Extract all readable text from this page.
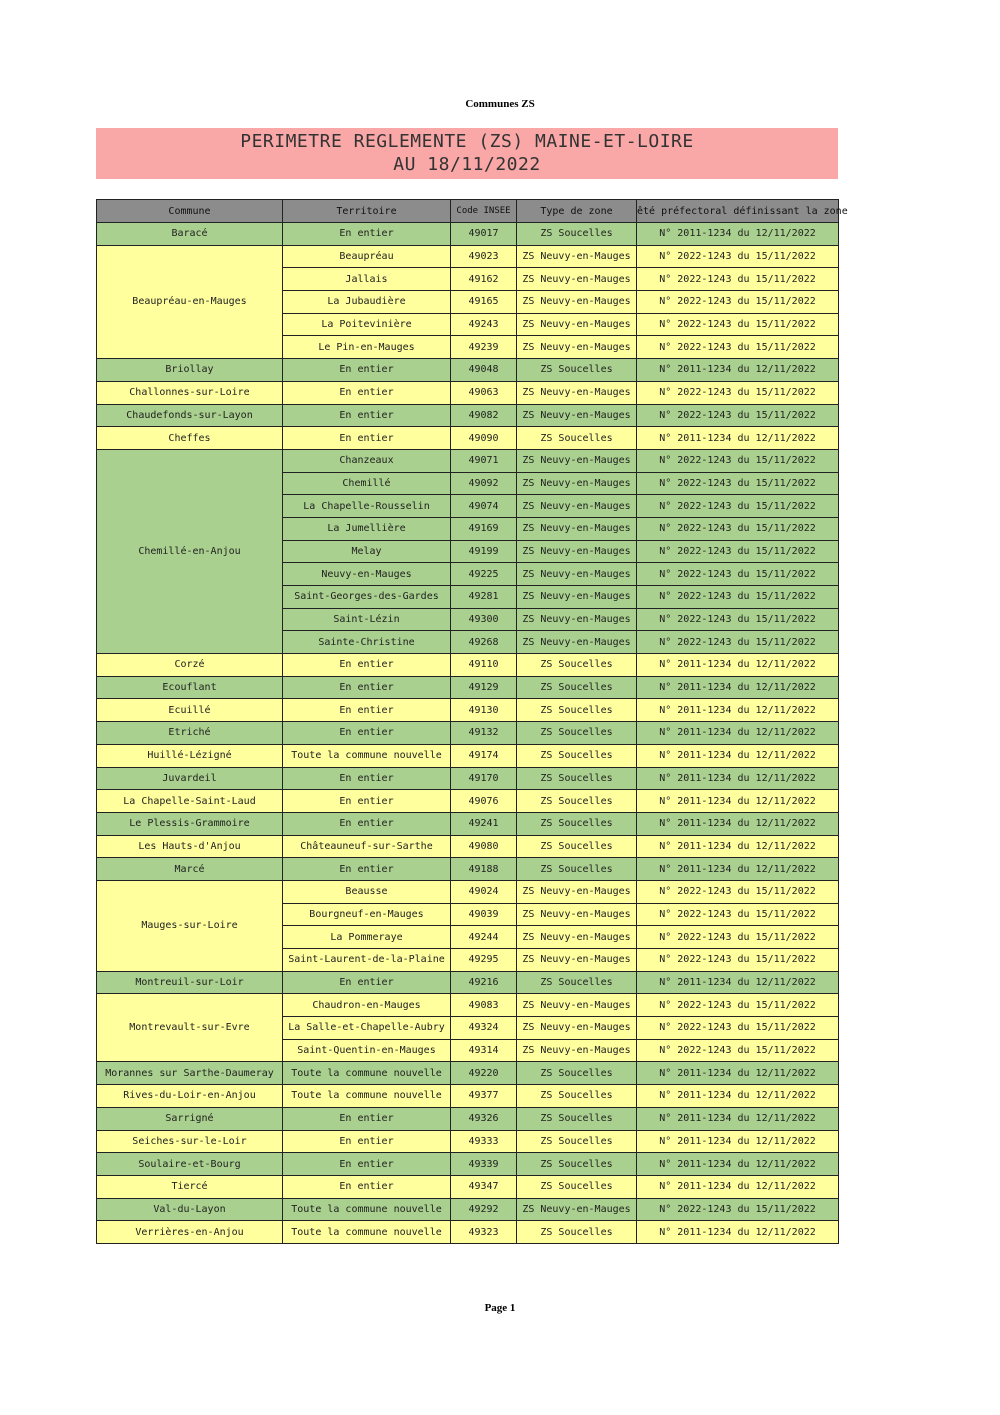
Communes ZS
PERIMETRE REGLEMENTE (ZS) MAINE-ET-LOIRE
AU 18/11/2022
Commune	Territoire	Code INSEE	Type de zone	êté préfectoral définissant la zone
Baracé	En entier	49017	ZS Soucelles	N° 2011-1234 du 12/11/2022
Beaupréau-en-Mauges	Beaupréau	49023	ZS Neuvy-en-Mauges	N° 2022-1243 du 15/11/2022
	Jallais	49162	ZS Neuvy-en-Mauges	N° 2022-1243 du 15/11/2022
	La Jubaudière	49165	ZS Neuvy-en-Mauges	N° 2022-1243 du 15/11/2022
	La Poitevinière	49243	ZS Neuvy-en-Mauges	N° 2022-1243 du 15/11/2022
	Le Pin-en-Mauges	49239	ZS Neuvy-en-Mauges	N° 2022-1243 du 15/11/2022
Briollay	En entier	49048	ZS Soucelles	N° 2011-1234 du 12/11/2022
Challonnes-sur-Loire	En entier	49063	ZS Neuvy-en-Mauges	N° 2022-1243 du 15/11/2022
Chaudefonds-sur-Layon	En entier	49082	ZS Neuvy-en-Mauges	N° 2022-1243 du 15/11/2022
Cheffes	En entier	49090	ZS Soucelles	N° 2011-1234 du 12/11/2022
Chemillé-en-Anjou	Chanzeaux	49071	ZS Neuvy-en-Mauges	N° 2022-1243 du 15/11/2022
	Chemillé	49092	ZS Neuvy-en-Mauges	N° 2022-1243 du 15/11/2022
	La Chapelle-Rousselin	49074	ZS Neuvy-en-Mauges	N° 2022-1243 du 15/11/2022
	La Jumellière	49169	ZS Neuvy-en-Mauges	N° 2022-1243 du 15/11/2022
	Melay	49199	ZS Neuvy-en-Mauges	N° 2022-1243 du 15/11/2022
	Neuvy-en-Mauges	49225	ZS Neuvy-en-Mauges	N° 2022-1243 du 15/11/2022
	Saint-Georges-des-Gardes	49281	ZS Neuvy-en-Mauges	N° 2022-1243 du 15/11/2022
	Saint-Lézin	49300	ZS Neuvy-en-Mauges	N° 2022-1243 du 15/11/2022
	Sainte-Christine	49268	ZS Neuvy-en-Mauges	N° 2022-1243 du 15/11/2022
Corzé	En entier	49110	ZS Soucelles	N° 2011-1234 du 12/11/2022
Ecouflant	En entier	49129	ZS Soucelles	N° 2011-1234 du 12/11/2022
Ecuillé	En entier	49130	ZS Soucelles	N° 2011-1234 du 12/11/2022
Etriché	En entier	49132	ZS Soucelles	N° 2011-1234 du 12/11/2022
Huillé-Lézigné	Toute la commune nouvelle	49174	ZS Soucelles	N° 2011-1234 du 12/11/2022
Juvardeil	En entier	49170	ZS Soucelles	N° 2011-1234 du 12/11/2022
La Chapelle-Saint-Laud	En entier	49076	ZS Soucelles	N° 2011-1234 du 12/11/2022
Le Plessis-Grammoire	En entier	49241	ZS Soucelles	N° 2011-1234 du 12/11/2022
Les Hauts-d'Anjou	Châteauneuf-sur-Sarthe	49080	ZS Soucelles	N° 2011-1234 du 12/11/2022
Marcé	En entier	49188	ZS Soucelles	N° 2011-1234 du 12/11/2022
Mauges-sur-Loire	Beausse	49024	ZS Neuvy-en-Mauges	N° 2022-1243 du 15/11/2022
	Bourgneuf-en-Mauges	49039	ZS Neuvy-en-Mauges	N° 2022-1243 du 15/11/2022
	La Pommeraye	49244	ZS Neuvy-en-Mauges	N° 2022-1243 du 15/11/2022
	Saint-Laurent-de-la-Plaine	49295	ZS Neuvy-en-Mauges	N° 2022-1243 du 15/11/2022
Montreuil-sur-Loir	En entier	49216	ZS Soucelles	N° 2011-1234 du 12/11/2022
Montrevault-sur-Evre	Chaudron-en-Mauges	49083	ZS Neuvy-en-Mauges	N° 2022-1243 du 15/11/2022
	La Salle-et-Chapelle-Aubry	49324	ZS Neuvy-en-Mauges	N° 2022-1243 du 15/11/2022
	Saint-Quentin-en-Mauges	49314	ZS Neuvy-en-Mauges	N° 2022-1243 du 15/11/2022
Morannes sur Sarthe-Daumeray	Toute la commune nouvelle	49220	ZS Soucelles	N° 2011-1234 du 12/11/2022
Rives-du-Loir-en-Anjou	Toute la commune nouvelle	49377	ZS Soucelles	N° 2011-1234 du 12/11/2022
Sarrigné	En entier	49326	ZS Soucelles	N° 2011-1234 du 12/11/2022
Seiches-sur-le-Loir	En entier	49333	ZS Soucelles	N° 2011-1234 du 12/11/2022
Soulaire-et-Bourg	En entier	49339	ZS Soucelles	N° 2011-1234 du 12/11/2022
Tiercé	En entier	49347	ZS Soucelles	N° 2011-1234 du 12/11/2022
Val-du-Layon	Toute la commune nouvelle	49292	ZS Neuvy-en-Mauges	N° 2022-1243 du 15/11/2022
Verrières-en-Anjou	Toute la commune nouvelle	49323	ZS Soucelles	N° 2011-1234 du 12/11/2022
Page 1
